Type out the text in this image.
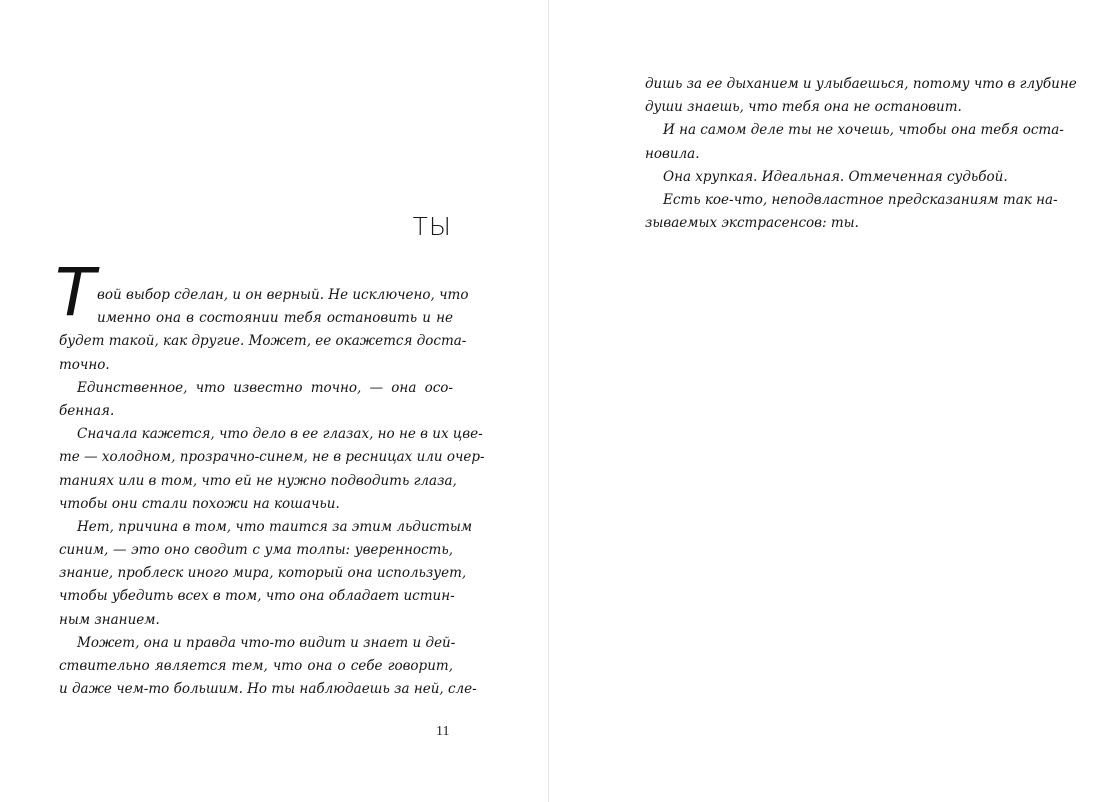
ТЫ
Т вой выбор сделан, и он верный. Не исключено, что
именно она в состоянии тебя остановить и не
будет такой, как другие. Может, ее окажется доста-
точно.
Единственное, что известно точно, — она осо-
бенная.
Сначала кажется, что дело в ее глазах, но не в их цве-
те — холодном, прозрачно-синем, не в ресницах или очер-
таниях или в том, что ей не нужно подводить глаза,
чтобы они стали похожи на кошачьи.
Нет, причина в том, что таится за этим льдистым
синим, — это оно сводит с ума толпы: уверенность,
знание, проблеск иного мира, который она использует,
чтобы убедить всех в том, что она обладает истин-
ным знанием.
Может, она и правда что-то видит и знает и дей-
ствительно является тем, что она о себе говорит,
и даже чем-то большим. Но ты наблюдаешь за ней, сле-
11
дишь за ее дыханием и улыбаешься, потому что в глубине
души знаешь, что тебя она не остановит.
И на самом деле ты не хочешь, чтобы она тебя оста-
новила.
Она хрупкая. Идеальная. Отмеченная судьбой.
Есть кое-что, неподвластное предсказаниям так на-
зываемых экстрасенсов: ты.
